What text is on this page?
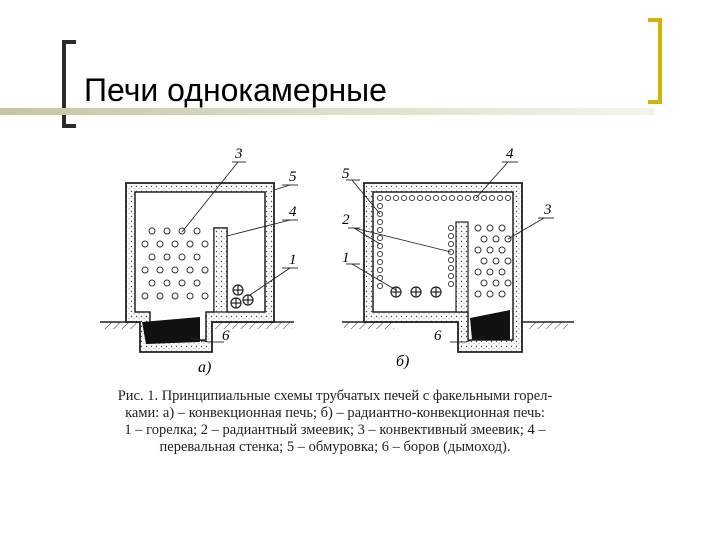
Печи однокамерные
3
5
4
1
6
а)
4
5
2
3
1
6
б)
Рис. 1. Принципиальные схемы трубчатых печей с факельными горел-
ками: а) – конвекционная печь; б) – радиантно-конвекционная печь:
1 – горелка; 2 – радиантный змеевик; 3 – конвективный змеевик; 4 –
перевальная стенка; 5 – обмуровка; 6 – боров (дымоход).
